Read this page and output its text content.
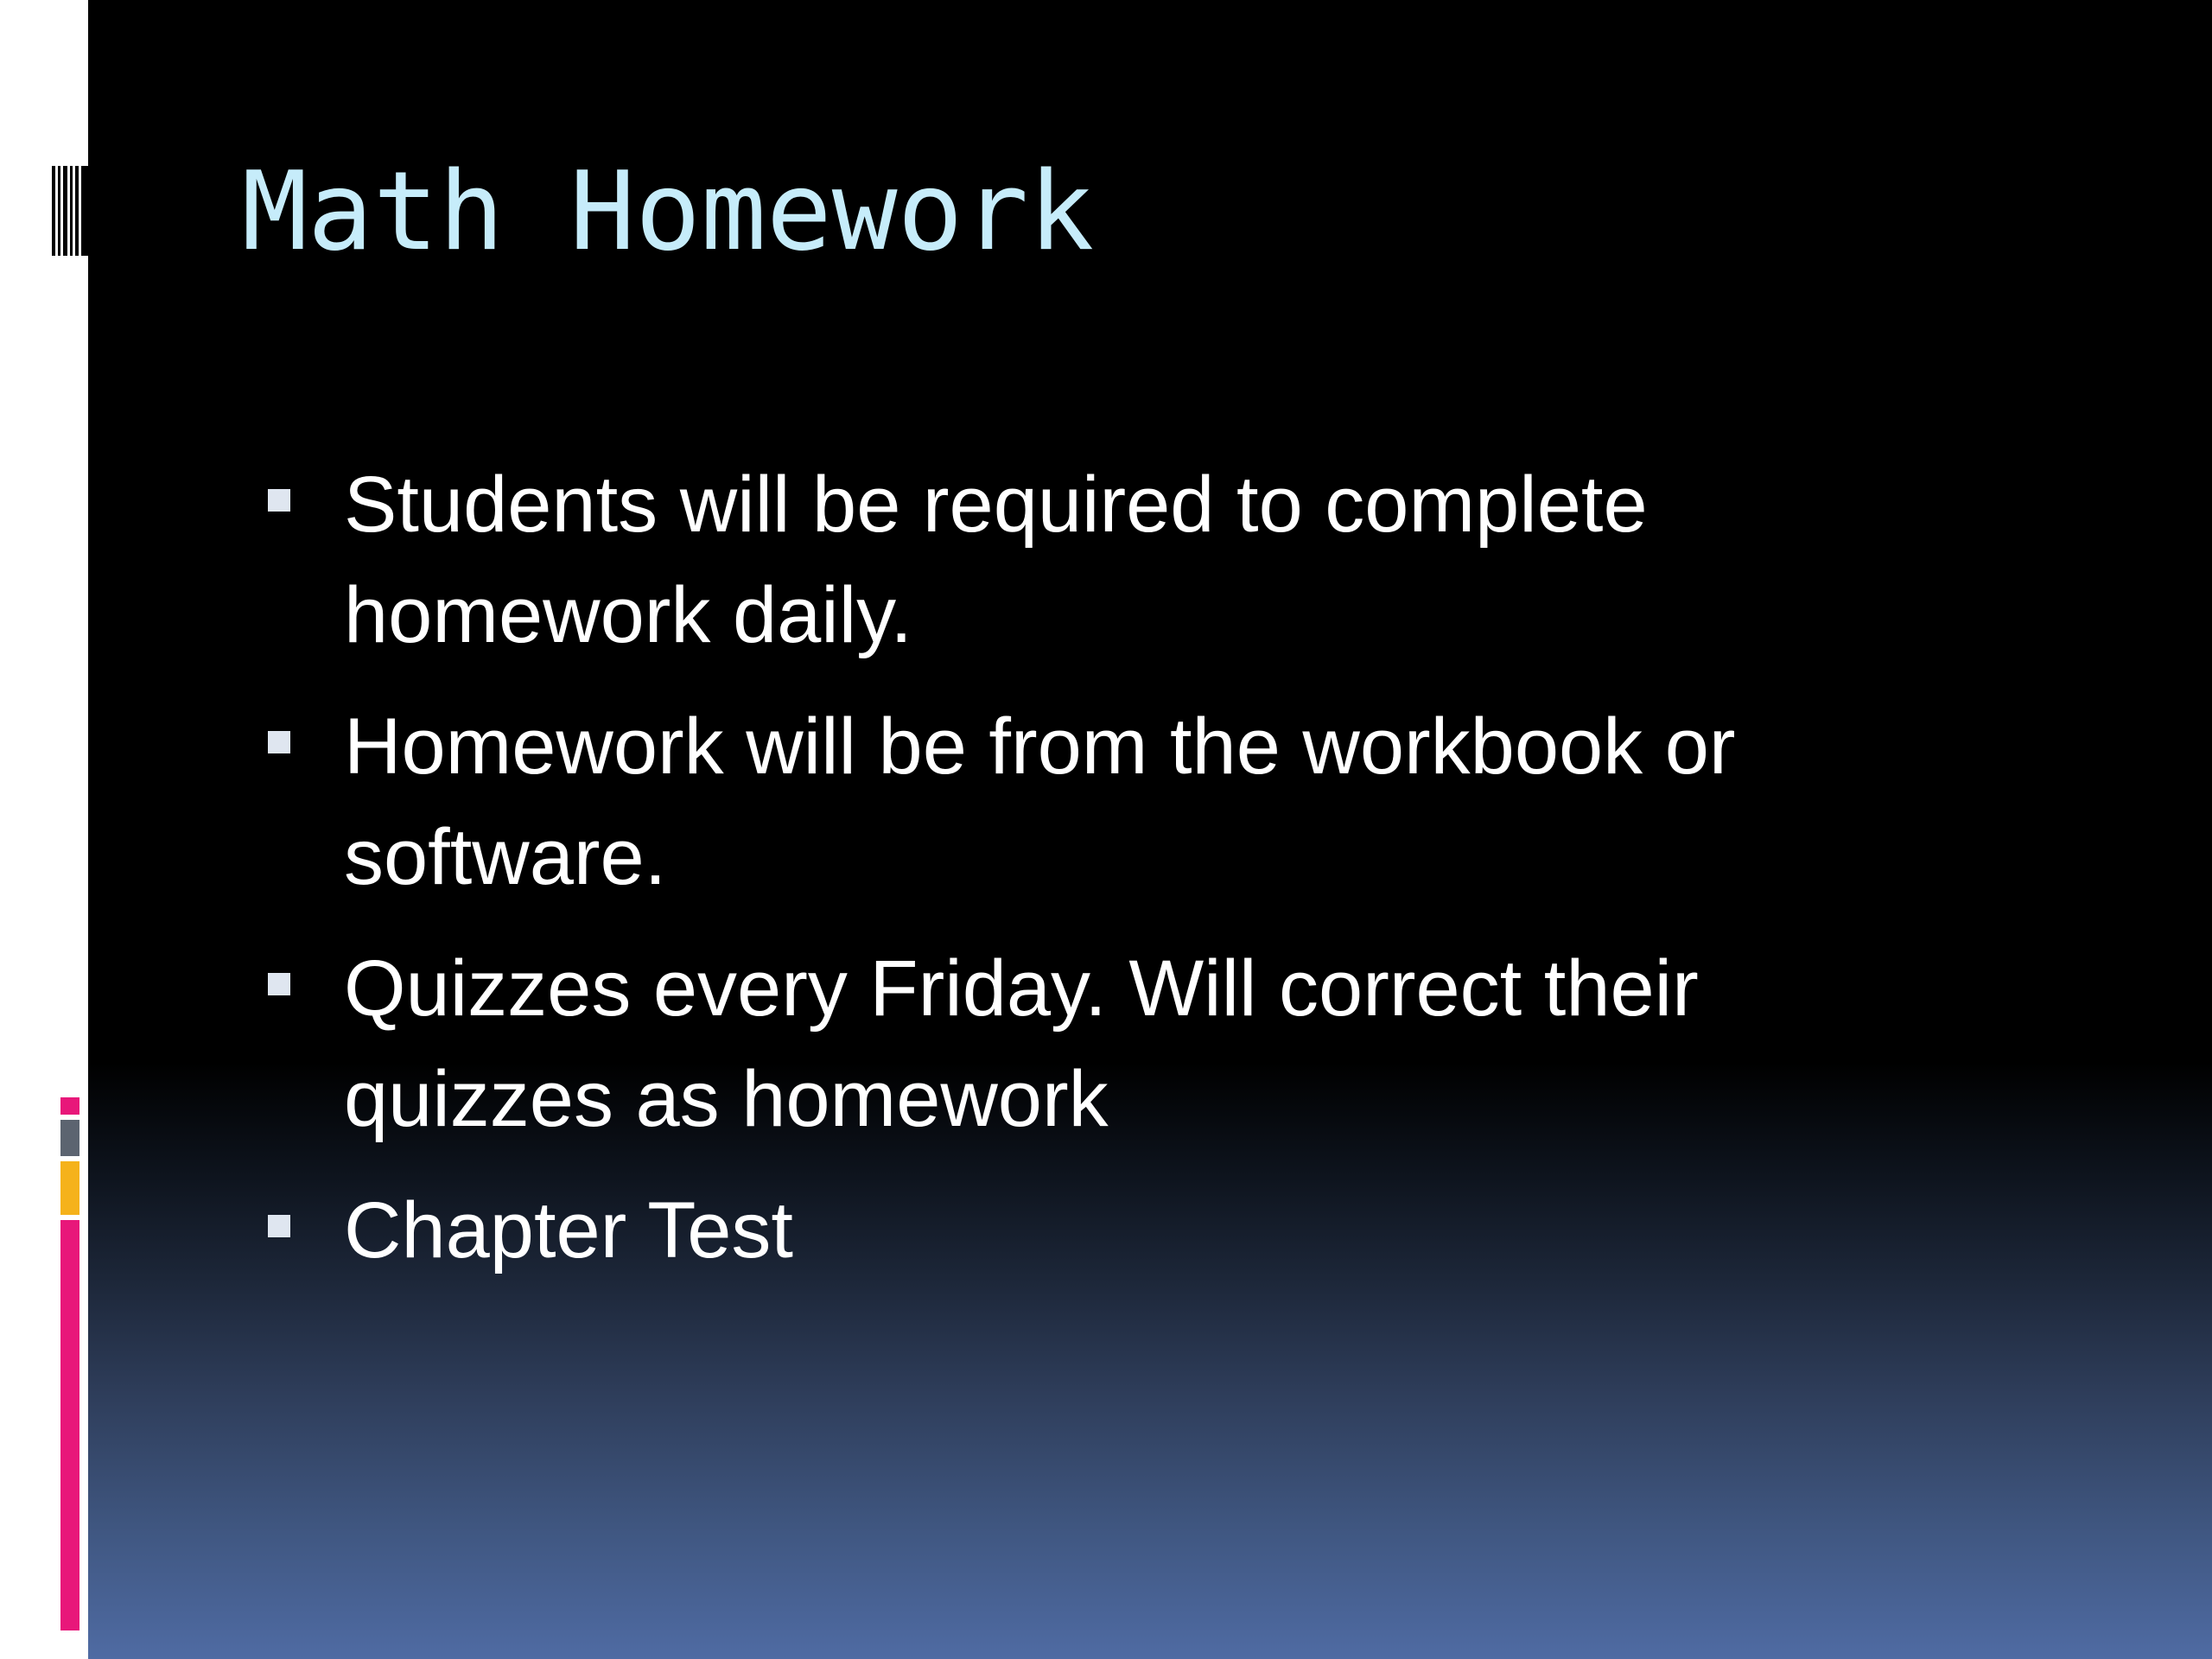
Math Homework
Students will be required to complete homework daily.
Homework will be from the workbook or software.
Quizzes every Friday. Will correct their quizzes as homework
Chapter Test
